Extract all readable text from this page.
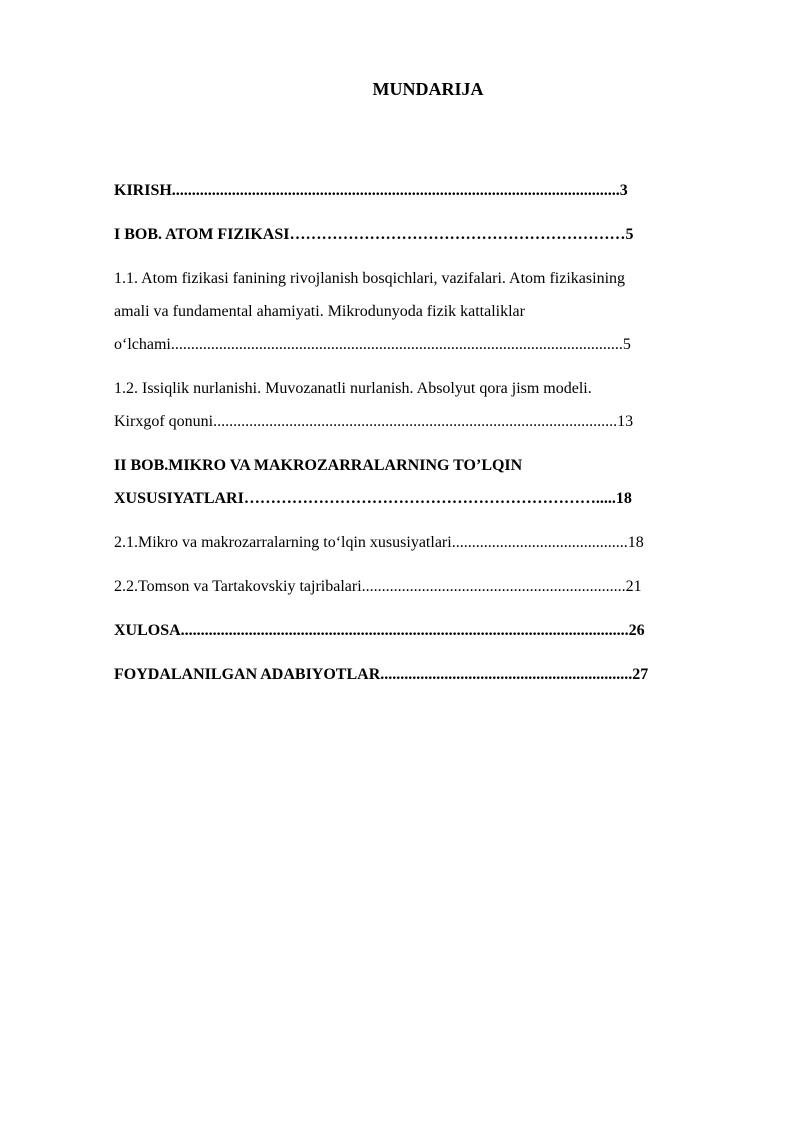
MUNDARIJA
KIRISH................................................................................................................3
I BOB. ATOM FIZIKASI………………………………………………………5
1.1. Atom fizikasi fanining rivojlanish bosqichlari, vazifalari. Atom fizikasining
amali va fundamental ahamiyati. Mikrodunyoda fizik kattaliklar
o‘lchami.................................................................................................................5
1.2. Issiqlik nurlanishi. Muvozanatli nurlanish. Absolyut qora jism modeli.
Kirxgof qonuni.....................................................................................................13
II BOB.MIKRO VA MAKROZARRALARNING TO’LQIN
XUSUSIYATLARI………………………………………………………….....18
2.1.Mikro va makrozarralarning to‘lqin xususiyatlari............................................18
2.2.Tomson va Tartakovskiy tajribalari..................................................................21
XULOSA................................................................................................................26
FOYDALANILGAN ADABIYOTLAR...............................................................27
